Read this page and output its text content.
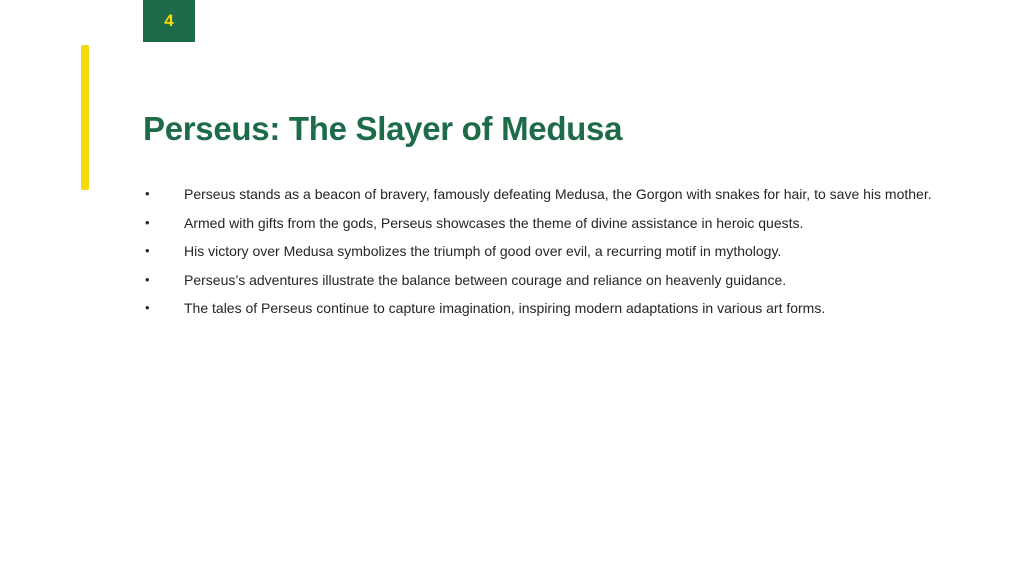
4
Perseus: The Slayer of Medusa
• Perseus stands as a beacon of bravery, famously defeating Medusa, the Gorgon with snakes for hair, to save his mother.
• Armed with gifts from the gods, Perseus showcases the theme of divine assistance in heroic quests.
• His victory over Medusa symbolizes the triumph of good over evil, a recurring motif in mythology.
• Perseus’s adventures illustrate the balance between courage and reliance on heavenly guidance.
• The tales of Perseus continue to capture imagination, inspiring modern adaptations in various art forms.
